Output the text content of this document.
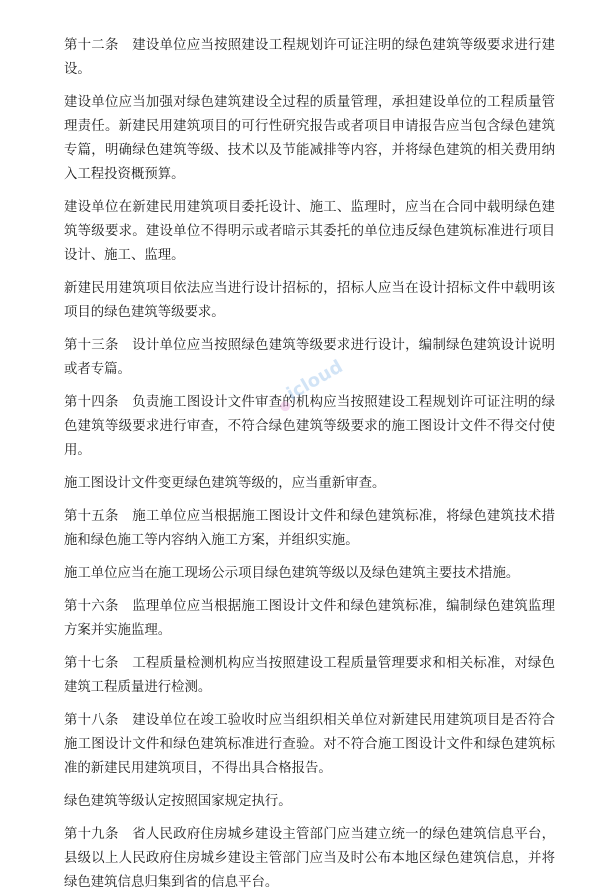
第十二条　建设单位应当按照建设工程规划许可证注明的绿色建筑等级要求进行建设。

建设单位应当加强对绿色建筑建设全过程的质量管理，承担建设单位的工程质量管理责任。新建民用建筑项目的可行性研究报告或者项目申请报告应当包含绿色建筑专篇，明确绿色建筑等级、技术以及节能减排等内容，并将绿色建筑的相关费用纳入工程投资概预算。

建设单位在新建民用建筑项目委托设计、施工、监理时，应当在合同中载明绿色建筑等级要求。建设单位不得明示或者暗示其委托的单位违反绿色建筑标准进行项目设计、施工、监理。

新建民用建筑项目依法应当进行设计招标的，招标人应当在设计招标文件中载明该项目的绿色建筑等级要求。

第十三条　设计单位应当按照绿色建筑等级要求进行设计，编制绿色建筑设计说明或者专篇。

第十四条　负责施工图设计文件审查的机构应当按照建设工程规划许可证注明的绿色建筑等级要求进行审查，不符合绿色建筑等级要求的施工图设计文件不得交付使用。

施工图设计文件变更绿色建筑等级的，应当重新审查。

第十五条　施工单位应当根据施工图设计文件和绿色建筑标准，将绿色建筑技术措施和绿色施工等内容纳入施工方案，并组织实施。

施工单位应当在施工现场公示项目绿色建筑等级以及绿色建筑主要技术措施。

第十六条　监理单位应当根据施工图设计文件和绿色建筑标准，编制绿色建筑监理方案并实施监理。

第十七条　工程质量检测机构应当按照建设工程质量管理要求和相关标准，对绿色建筑工程质量进行检测。

第十八条　建设单位在竣工验收时应当组织相关单位对新建民用建筑项目是否符合施工图设计文件和绿色建筑标准进行查验。对不符合施工图设计文件和绿色建筑标准的新建民用建筑项目，不得出具合格报告。

绿色建筑等级认定按照国家规定执行。

第十九条　省人民政府住房城乡建设主管部门应当建立统一的绿色建筑信息平台，县级以上人民政府住房城乡建设主管部门应当及时公布本地区绿色建筑信息，并将绿色建筑信息归集到省的信息平台。

icloud
